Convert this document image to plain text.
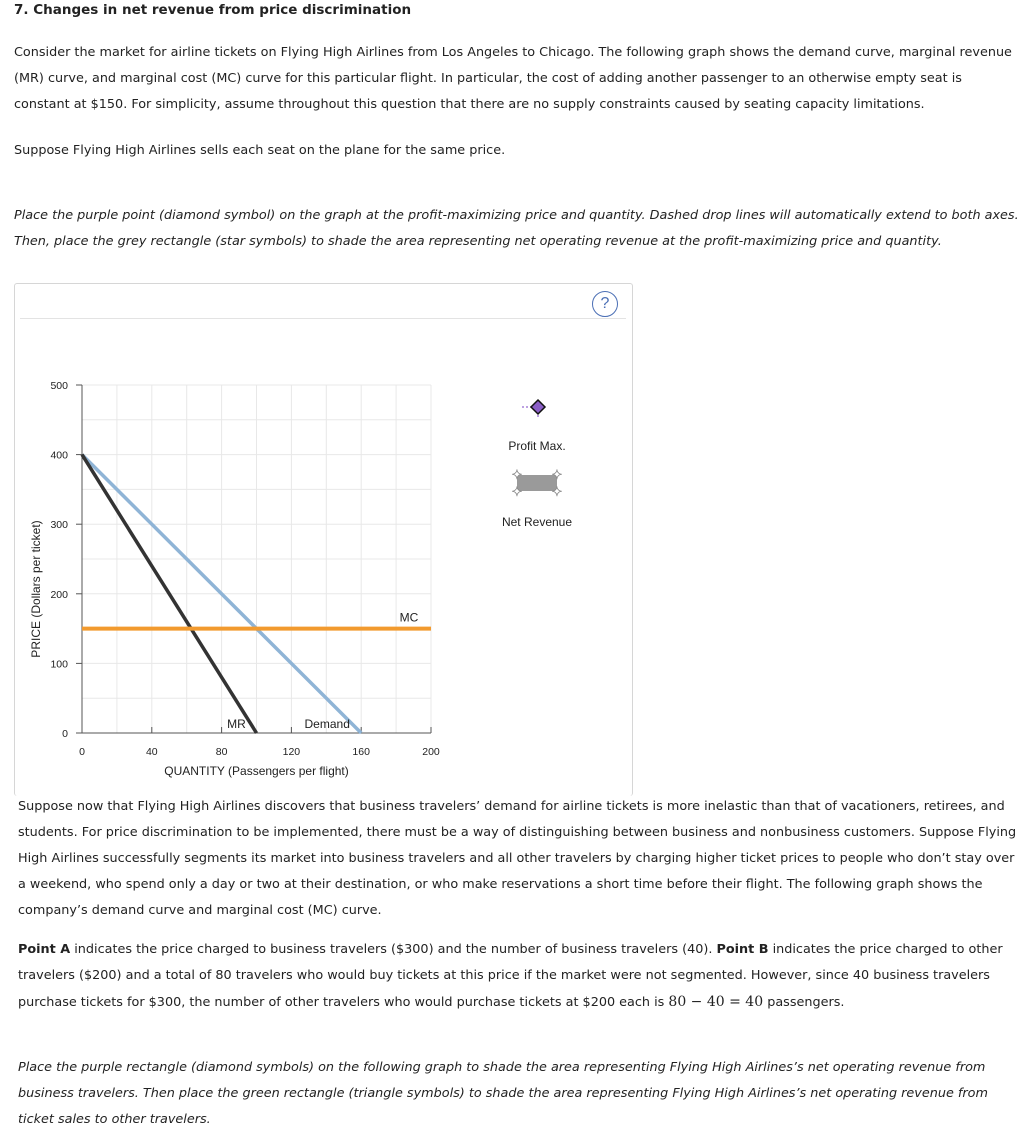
7. Changes in net revenue from price discrimination
Consider the market for airline tickets on Flying High Airlines from Los Angeles to Chicago. The following graph shows the demand curve, marginal revenue (MR) curve, and marginal cost (MC) curve for this particular flight. In particular, the cost of adding another passenger to an otherwise empty seat is constant at $150. For simplicity, assume throughout this question that there are no supply constraints caused by seating capacity limitations.
Suppose Flying High Airlines sells each seat on the plane for the same price.
Place the purple point (diamond symbol) on the graph at the profit-maximizing price and quantity. Dashed drop lines will automatically extend to both axes. Then, place the grey rectangle (star symbols) to shade the area representing net operating revenue at the profit-maximizing price and quantity.
?
0	40	80	120	160	200
0
100
200
300
400
500
QUANTITY (Passengers per flight)
PRICE (Dollars per ticket)
Demand
MR
MC
Profit Max.
✦ ✦
✦ ✦
Net Revenue
Suppose now that Flying High Airlines discovers that business travelers’ demand for airline tickets is more inelastic than that of vacationers, retirees, and students. For price discrimination to be implemented, there must be a way of distinguishing between business and nonbusiness customers. Suppose Flying High Airlines successfully segments its market into business travelers and all other travelers by charging higher ticket prices to people who don’t stay over a weekend, who spend only a day or two at their destination, or who make reservations a short time before their flight. The following graph shows the company’s demand curve and marginal cost (MC) curve.
Point A indicates the price charged to business travelers ($300) and the number of business travelers (40). Point B indicates the price charged to other travelers ($200) and a total of 80 travelers who would buy tickets at this price if the market were not segmented. However, since 40 business travelers purchase tickets for $300, the number of other travelers who would purchase tickets at $200 each is 80 − 40 = 40 passengers.
Place the purple rectangle (diamond symbols) on the following graph to shade the area representing Flying High Airlines’s net operating revenue from business travelers. Then place the green rectangle (triangle symbols) to shade the area representing Flying High Airlines’s net operating revenue from ticket sales to other travelers.
